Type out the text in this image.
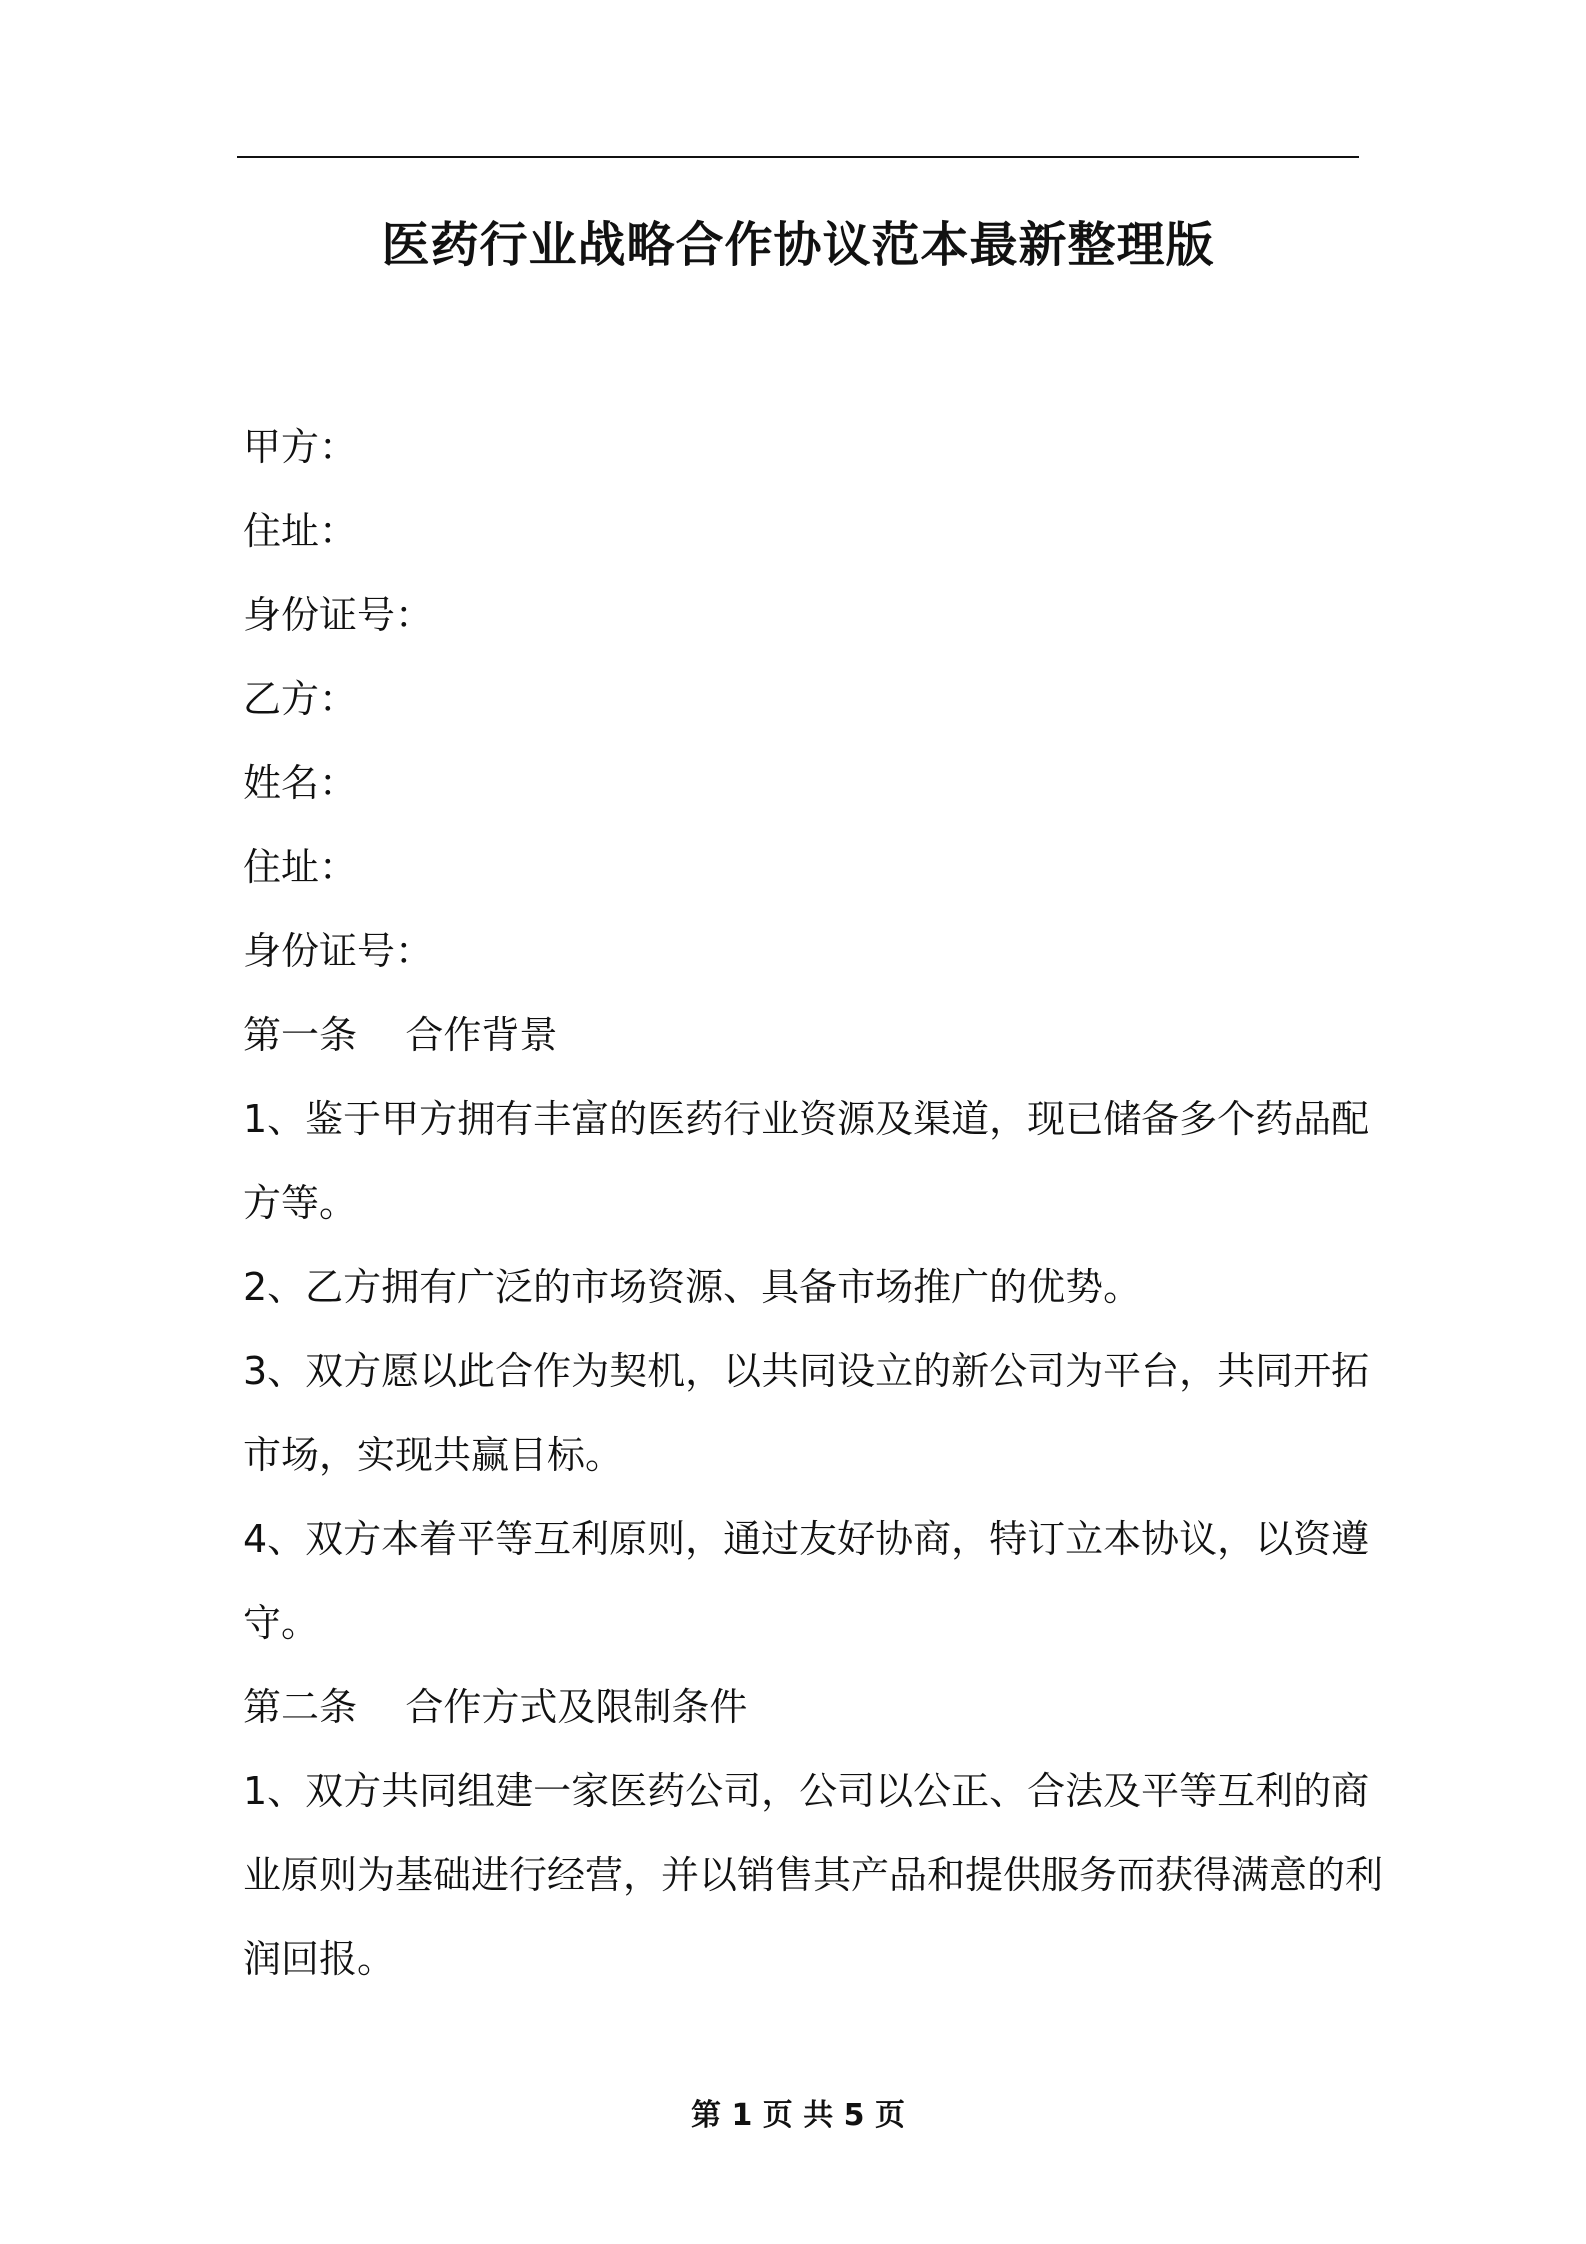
医药行业战略合作协议范本最新整理版
甲方：
住址：
身份证号：
乙方：
姓名：
住址：
身份证号：
第一条    合作背景
1、鉴于甲方拥有丰富的医药行业资源及渠道，现已储备多个药品配
方等。
2、乙方拥有广泛的市场资源、具备市场推广的优势。
3、双方愿以此合作为契机，以共同设立的新公司为平台，共同开拓
市场，实现共赢目标。
4、双方本着平等互利原则，通过友好协商，特订立本协议，以资遵
守。
第二条    合作方式及限制条件
1、双方共同组建一家医药公司，公司以公正、合法及平等互利的商
业原则为基础进行经营，并以销售其产品和提供服务而获得满意的利
润回报。
第 1 页 共 5 页
